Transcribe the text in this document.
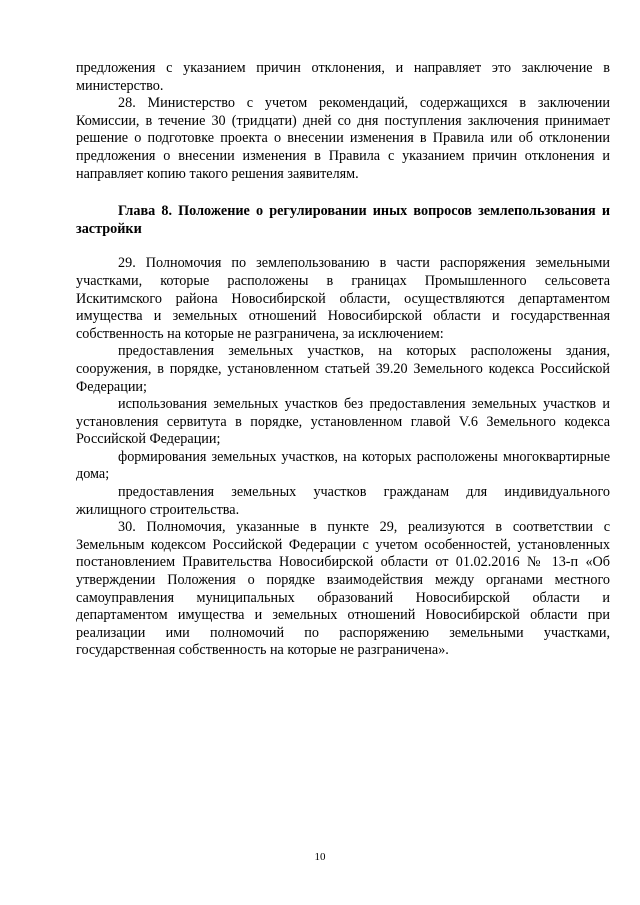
предложения с указанием причин отклонения, и направляет это заключение в министерство.

28. Министерство с учетом рекомендаций, содержащихся в заключении Комиссии, в течение 30 (тридцати) дней со дня поступления заключения принимает решение о подготовке проекта о внесении изменения в Правила или об отклонении предложения о внесении изменения в Правила с указанием причин отклонения и направляет копию такого решения заявителям.

Глава 8. Положение о регулировании иных вопросов землепользования и застройки

29. Полномочия по землепользованию в части распоряжения земельными участками, которые расположены в границах Промышленного сельсовета Искитимского района Новосибирской области, осуществляются департаментом имущества и земельных отношений Новосибирской области и государственная собственность на которые не разграничена, за исключением:

предоставления земельных участков, на которых расположены здания, сооружения, в порядке, установленном статьей 39.20 Земельного кодекса Российской Федерации;

использования земельных участков без предоставления земельных участков и установления сервитута в порядке, установленном главой V.6 Земельного кодекса Российской Федерации;

формирования земельных участков, на которых расположены многоквартирные дома;

предоставления земельных участков гражданам для индивидуального жилищного строительства.

30. Полномочия, указанные в пункте 29, реализуются в соответствии с Земельным кодексом Российской Федерации с учетом особенностей, установленных постановлением Правительства Новосибирской области от 01.02.2016 № 13-п «Об утверждении Положения о порядке взаимодействия между органами местного самоуправления муниципальных образований Новосибирской области и департаментом имущества и земельных отношений Новосибирской области при реализации ими полномочий по распоряжению земельными участками, государственная собственность на которые не разграничена».

10
